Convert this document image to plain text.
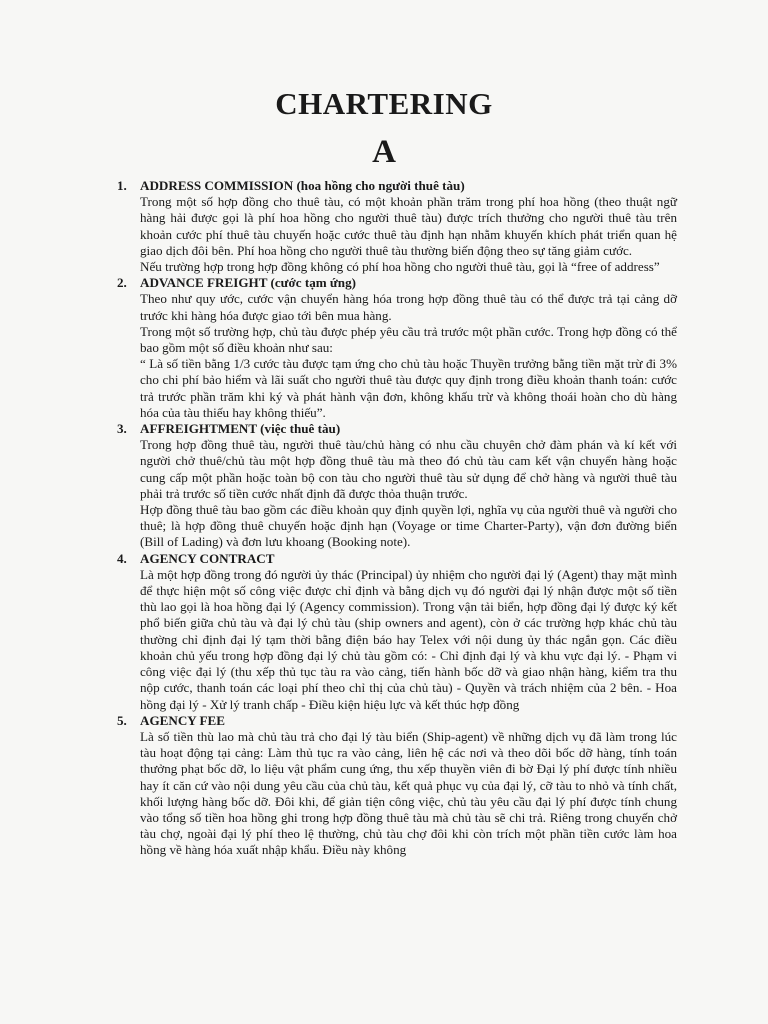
CHARTERING
A
1. ADDRESS COMMISSION (hoa hồng cho người thuê tàu)

Trong một số hợp đồng cho thuê tàu, có một khoản phần trăm trong phí hoa hồng (theo thuật ngữ hàng hải được gọi là phí hoa hồng cho người thuê tàu) được trích thưởng cho người thuê tàu trên khoản cước phí thuê tàu chuyến hoặc cước thuê tàu định hạn nhằm khuyến khích phát triển quan hệ giao dịch đôi bên. Phí hoa hồng cho người thuê tàu thường biến động theo sự tăng giảm cước.

Nếu trường hợp trong hợp đồng không có phí hoa hồng cho người thuê tàu, gọi là “free of address”

2. ADVANCE FREIGHT (cước tạm ứng)

Theo như quy ước, cước vận chuyển hàng hóa trong hợp đồng thuê tàu có thể được trả tại cảng dỡ trước khi hàng hóa được giao tới bên mua hàng.

Trong một số trường hợp, chủ tàu được phép yêu cầu trả trước một phần cước. Trong hợp đồng có thể bao gồm một số điều khoản như sau:

“ Là số tiền bằng 1/3 cước tàu được tạm ứng cho chủ tàu hoặc Thuyền trưởng bằng tiền mặt trừ đi 3% cho chi phí bảo hiểm và lãi suất cho người thuê tàu được quy định trong điều khoản thanh toán: cước trả trước phần trăm khi ký và phát hành vận đơn, không khấu trừ và không thoái hoàn cho dù hàng hóa của tàu thiếu hay không thiếu”.

3. AFFREIGHTMENT (việc thuê tàu)

Trong hợp đồng thuê tàu, người thuê tàu/chủ hàng có nhu cầu chuyên chở đàm phán và kí kết với người chở thuê/chủ tàu một hợp đồng thuê tàu mà theo đó chủ tàu cam kết vận chuyển hàng hoặc cung cấp một phần hoặc toàn bộ con tàu cho người thuê tàu sử dụng để chở hàng và người thuê tàu phải trả trước số tiền cước nhất định đã được thỏa thuận trước.

Hợp đồng thuê tàu bao gồm các điều khoản quy định quyền lợi, nghĩa vụ của người thuê và người cho thuê; là hợp đồng thuê chuyến hoặc định hạn (Voyage or time Charter-Party), vận đơn đường biển (Bill of Lading) và đơn lưu khoang (Booking note).

4. AGENCY CONTRACT

Là một hợp đồng trong đó người ủy thác (Principal) ủy nhiệm cho người đại lý (Agent) thay mặt mình để thực hiện một số công việc được chỉ định và bằng dịch vụ đó người đại lý nhận được một số tiền thù lao gọi là hoa hồng đại lý (Agency commission). Trong vận tải biển, hợp đồng đại lý được ký kết phổ biến giữa chủ tàu và đại lý chủ tàu (ship owners and agent), còn ở các trường hợp khác chủ tàu thường chỉ định đại lý tạm thời bằng điện báo hay Telex với nội dung ủy thác ngắn gọn. Các điều khoản chủ yếu trong hợp đồng đại lý chủ tàu gồm có: - Chỉ định đại lý và khu vực đại lý. - Phạm vi công việc đại lý (thu xếp thủ tục tàu ra vào cảng, tiến hành bốc dỡ và giao nhận hàng, kiểm tra thu nộp cước, thanh toán các loại phí theo chỉ thị của chủ tàu) - Quyền và trách nhiệm của 2 bên. - Hoa hồng đại lý - Xử lý tranh chấp - Điều kiện hiệu lực và kết thúc hợp đồng

5. AGENCY FEE

Là số tiền thù lao mà chủ tàu trả cho đại lý tàu biển (Ship-agent) về những dịch vụ đã làm trong lúc tàu hoạt động tại cảng: Làm thủ tục ra vào cảng, liên hệ các nơi và theo dõi bốc dỡ hàng, tính toán thưởng phạt bốc dỡ, lo liệu vật phẩm cung ứng, thu xếp thuyền viên đi bờ Đại lý phí được tính nhiều hay ít căn cứ vào nội dung yêu cầu của chủ tàu, kết quả phục vụ của đại lý, cỡ tàu to nhỏ và tính chất, khối lượng hàng bốc dỡ. Đôi khi, để giản tiện công việc, chủ tàu yêu cầu đại lý phí được tính chung vào tổng số tiền hoa hồng ghi trong hợp đồng thuê tàu mà chủ tàu sẽ chi trả. Riêng trong chuyến chở tàu chợ, ngoài đại lý phí theo lệ thường, chủ tàu chợ đôi khi còn trích một phần tiền cước làm hoa hồng về hàng hóa xuất nhập khẩu. Điều này không
